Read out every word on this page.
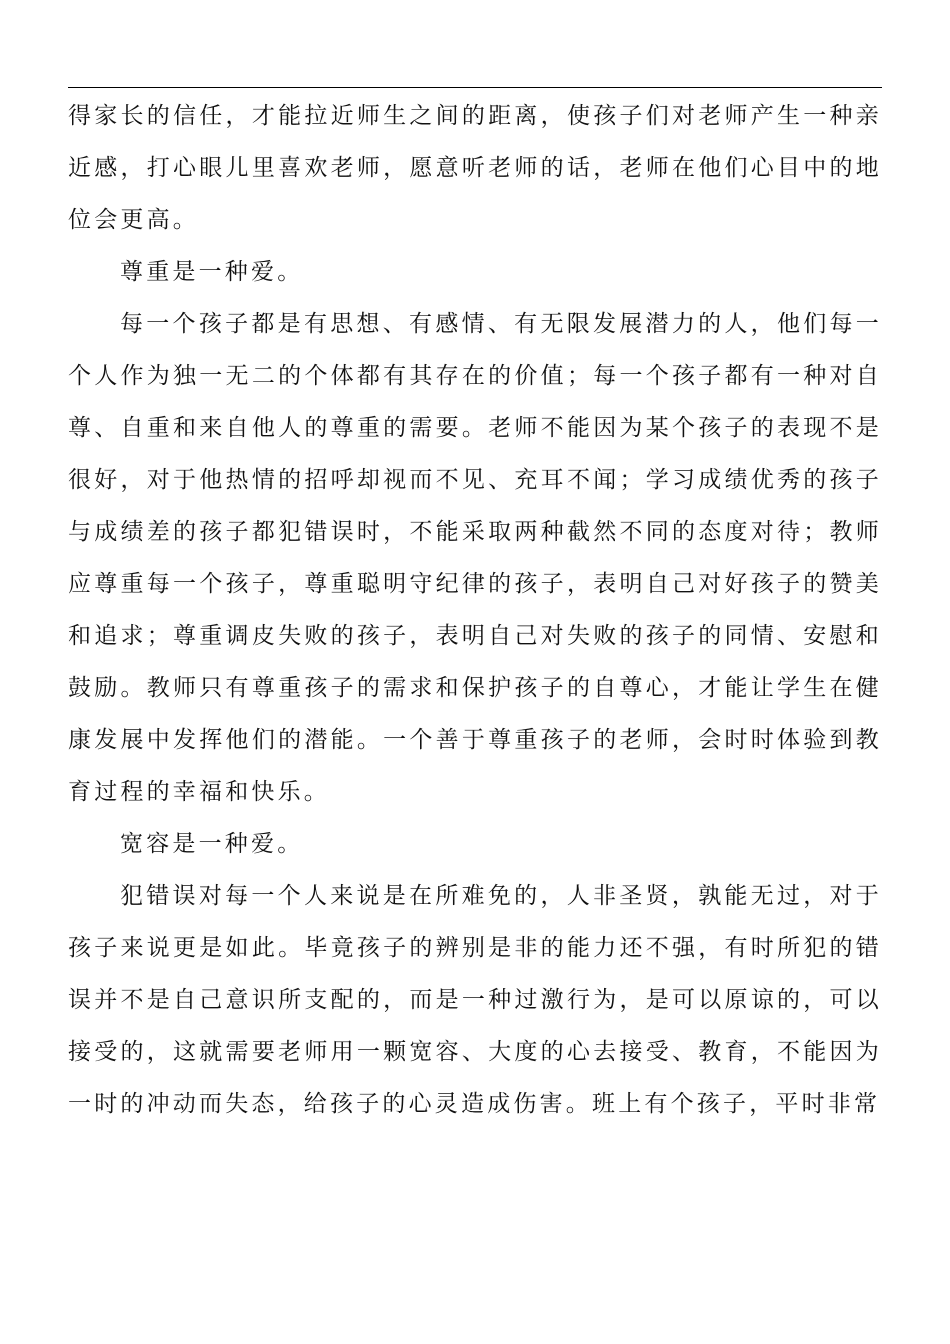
得家长的信任，才能拉近师生之间的距离，使孩子们对老师产生一种亲近感，打心眼儿里喜欢老师，愿意听老师的话，老师在他们心目中的地位会更高。

尊重是一种爱。

每一个孩子都是有思想、有感情、有无限发展潜力的人，他们每一个人作为独一无二的个体都有其存在的价值；每一个孩子都有一种对自尊、自重和来自他人的尊重的需要。老师不能因为某个孩子的表现不是很好，对于他热情的招呼却视而不见、充耳不闻；学习成绩优秀的孩子与成绩差的孩子都犯错误时，不能采取两种截然不同的态度对待；教师应尊重每一个孩子，尊重聪明守纪律的孩子，表明自己对好孩子的赞美和追求；尊重调皮失败的孩子，表明自己对失败的孩子的同情、安慰和鼓励。教师只有尊重孩子的需求和保护孩子的自尊心，才能让学生在健康发展中发挥他们的潜能。一个善于尊重孩子的老师，会时时体验到教育过程的幸福和快乐。

宽容是一种爱。

犯错误对每一个人来说是在所难免的，人非圣贤，孰能无过，对于孩子来说更是如此。毕竟孩子的辨别是非的能力还不强，有时所犯的错误并不是自己意识所支配的，而是一种过激行为，是可以原谅的，可以接受的，这就需要老师用一颗宽容、大度的心去接受、教育，不能因为一时的冲动而失态，给孩子的心灵造成伤害。班上有个孩子，平时非常
